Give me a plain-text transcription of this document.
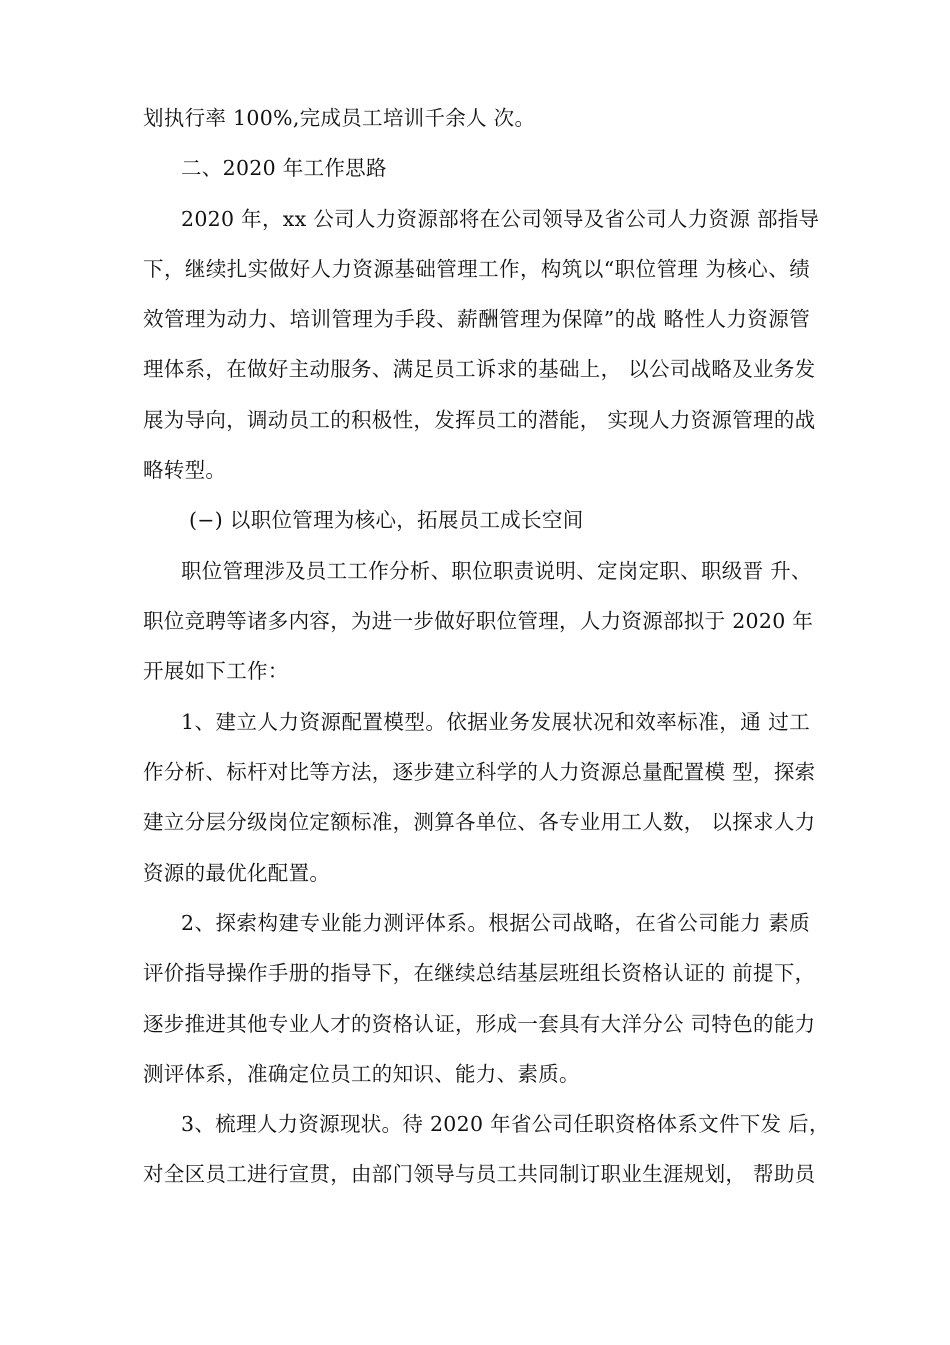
划执行率 100%,完成员工培训千余人 次。
二、2020 年工作思路
2020 年，xx 公司人力资源部将在公司领导及省公司人力资源 部指导
下，继续扎实做好人力资源基础管理工作，构筑以“职位管理 为核心、绩
效管理为动力、培训管理为手段、薪酬管理为保障”的战 略性人力资源管
理体系，在做好主动服务、满足员工诉求的基础上， 以公司战略及业务发
展为导向，调动员工的积极性，发挥员工的潜能， 实现人力资源管理的战
略转型。
(−) 以职位管理为核心，拓展员工成长空间
职位管理涉及员工工作分析、职位职责说明、定岗定职、职级晋 升、
职位竞聘等诸多内容，为进一步做好职位管理，人力资源部拟于 2020 年
开展如下工作：
1、建立人力资源配置模型。依据业务发展状况和效率标准，通 过工
作分析、标杆对比等方法，逐步建立科学的人力资源总量配置模 型，探索
建立分层分级岗位定额标准，测算各单位、各专业用工人数， 以探求人力
资源的最优化配置。
2、探索构建专业能力测评体系。根据公司战略，在省公司能力 素质
评价指导操作手册的指导下，在继续总结基层班组长资格认证的 前提下，
逐步推进其他专业人才的资格认证，形成一套具有大洋分公 司特色的能力
测评体系，准确定位员工的知识、能力、素质。
3、梳理人力资源现状。待 2020 年省公司任职资格体系文件下发 后，
对全区员工进行宣贯，由部门领导与员工共同制订职业生涯规划， 帮助员
